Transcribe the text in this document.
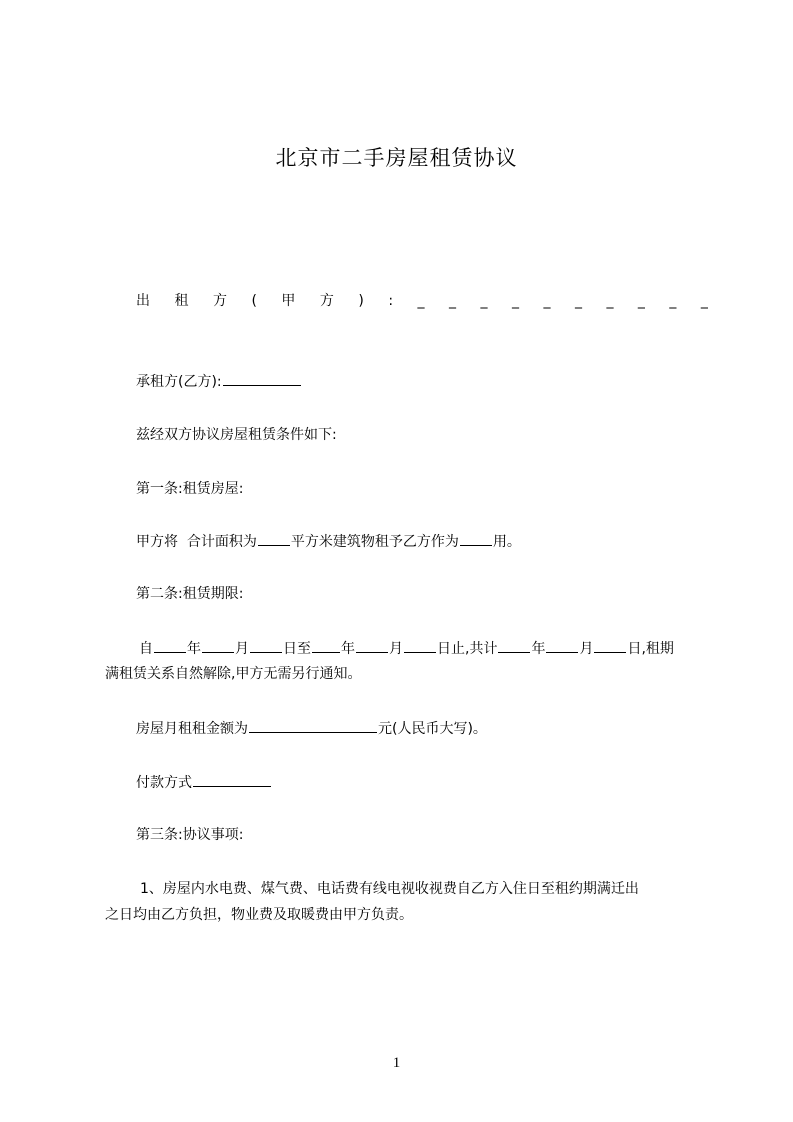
北京市二手房屋租赁协议
出 租 方 ( 甲 方 ) : _ _ _ _ _ _ _ _ _ _
承租方(乙方):
兹经双方协议房屋租赁条件如下:
第一条:租赁房屋:
甲方将  合计面积为 平方米建筑物租予乙方作为 用。
第二条:租赁期限:
自 年 月 日至 年 月 日止,共计 年 月 日,租期
满租赁关系自然解除,甲方无需另行通知。
房屋月租租金额为	元(人民币大写)。
付款方式
第三条:协议事项:
1、房屋内水电费、煤气费、电话费有线电视收视费自乙方入住日至租约期满迁出
之日均由乙方负担，物业费及取暖费由甲方负责。
1
